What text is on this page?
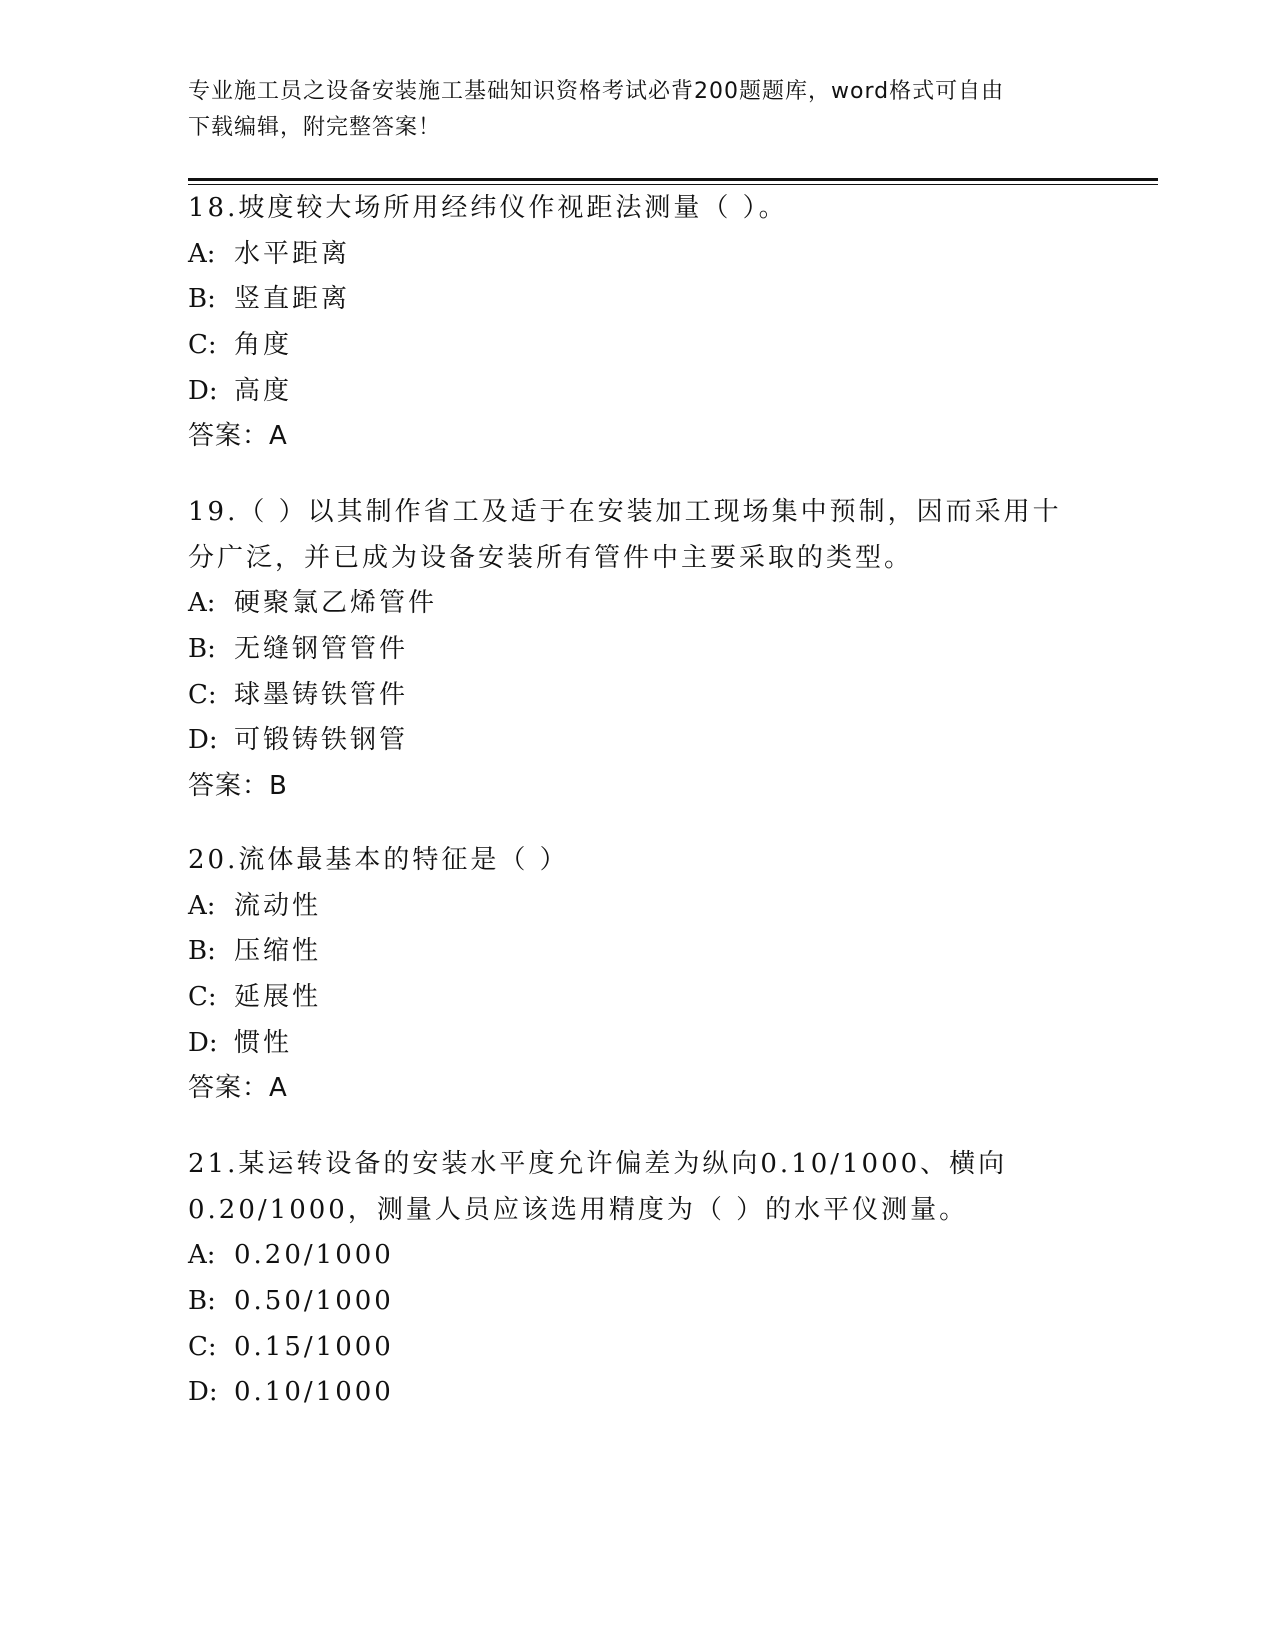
专业施工员之设备安装施工基础知识资格考试必背200题题库，word格式可自由
下载编辑，附完整答案！
18.坡度较大场所用经纬仪作视距法测量（ ）。
A: 水平距离
B: 竖直距离
C: 角度
D: 高度
答案：A
19.（ ）以其制作省工及适于在安装加工现场集中预制，因而采用十
分广泛，并已成为设备安装所有管件中主要采取的类型。
A: 硬聚氯乙烯管件
B: 无缝钢管管件
C: 球墨铸铁管件
D: 可锻铸铁钢管
答案：B
20.流体最基本的特征是（ ）
A: 流动性
B: 压缩性
C: 延展性
D: 惯性
答案：A
21.某运转设备的安装水平度允许偏差为纵向0.10/1000、横向
0.20/1000，测量人员应该选用精度为（ ）的水平仪测量。
A: 0.20/1000
B: 0.50/1000
C: 0.15/1000
D: 0.10/1000
